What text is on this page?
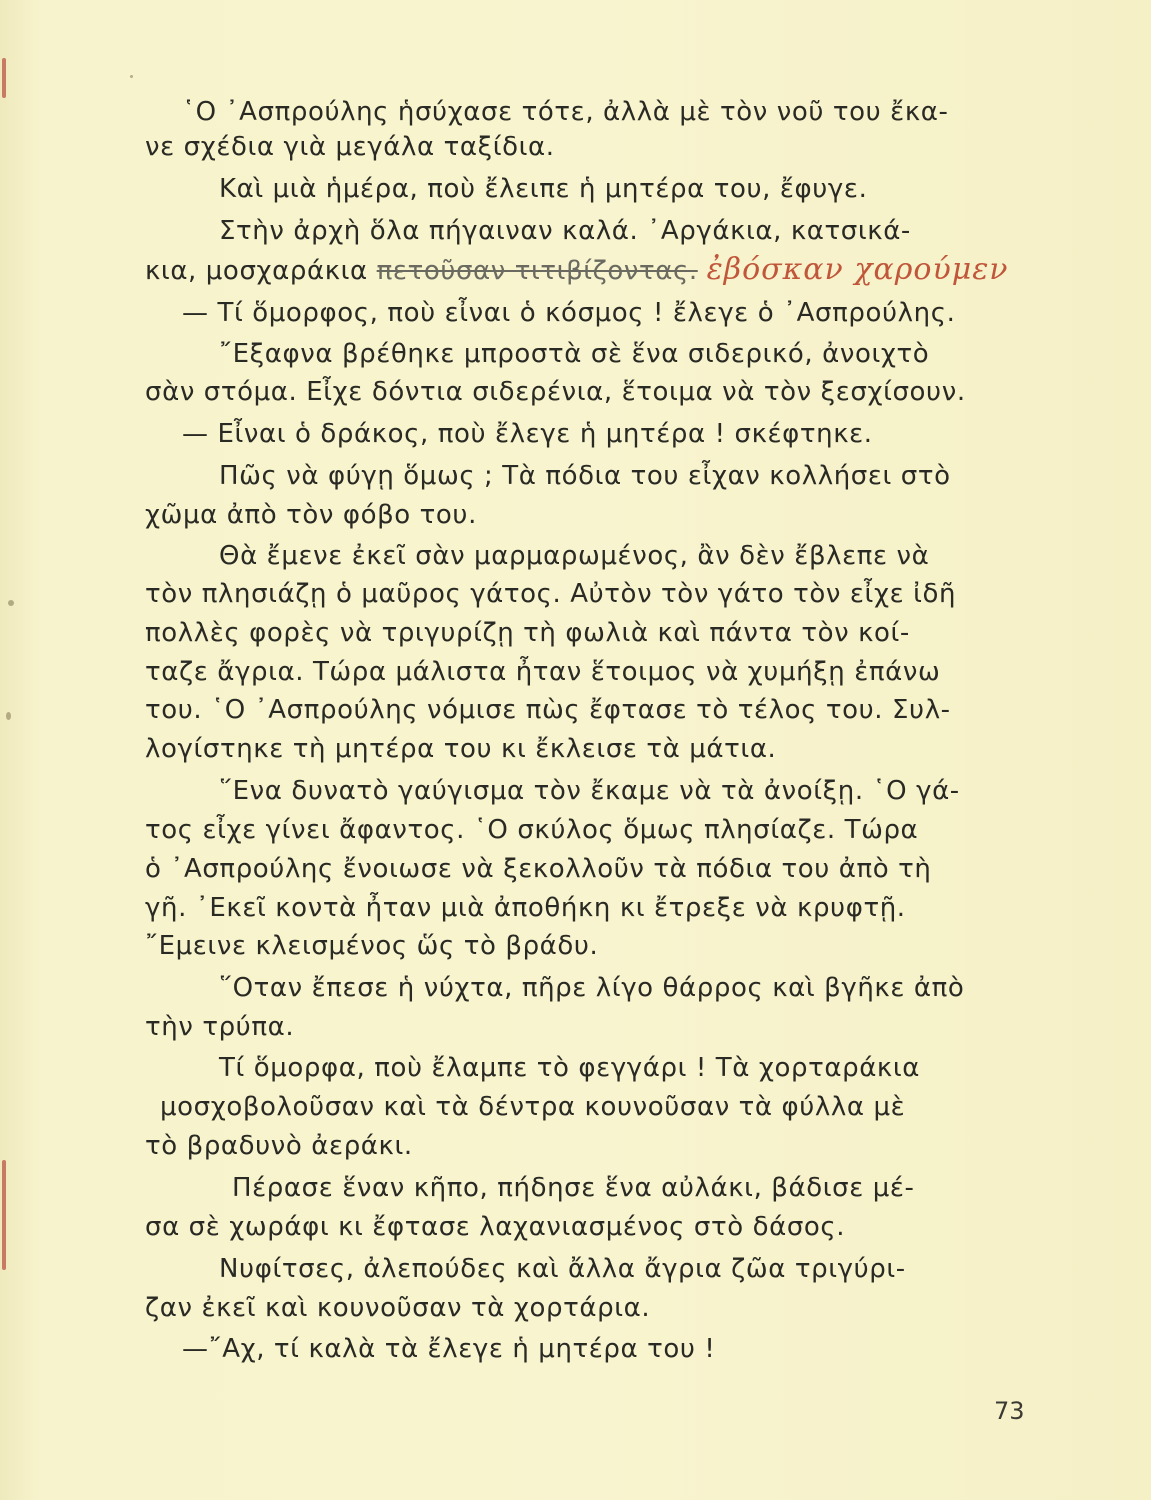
῾Ο ᾿Ασπρούλης ἡσύχασε τότε, ἀλλὰ μὲ τὸν νοῦ του ἔκα-
νε σχέδια γιὰ μεγάλα ταξίδια.
Καὶ μιὰ ἡμέρα, ποὺ ἔλειπε ἡ μητέρα του, ἔφυγε.
Στὴν ἀρχὴ ὅλα πήγαιναν καλά. ᾿Αργάκια, κατσικά-
κια, μοσχαράκια πετοῦσαν τιτιβίζοντας. ἐβόσκαν χαρούμεν
— Τί ὅμορφος, ποὺ εἶναι ὁ κόσμος ! ἔλεγε ὁ ᾿Ασπρούλης.
῎Εξαφνα βρέθηκε μπροστὰ σὲ ἕνα σιδερικό, ἀνοιχτὸ
σὰν στόμα. Εἶχε δόντια σιδερένια, ἕτοιμα νὰ τὸν ξεσχίσουν.
— Εἶναι ὁ δράκος, ποὺ ἔλεγε ἡ μητέρα ! σκέφτηκε.
Πῶς νὰ φύγῃ ὅμως ; Τὰ πόδια του εἶχαν κολλήσει στὸ
χῶμα ἀπὸ τὸν φόβο του.
Θὰ ἔμενε ἐκεῖ σὰν μαρμαρωμένος, ἂν δὲν ἔβλεπε νὰ
τὸν πλησιάζῃ ὁ μαῦρος γάτος. Αὐτὸν τὸν γάτο τὸν εἶχε ἰδῆ
πολλὲς φορὲς νὰ τριγυρίζῃ τὴ φωλιὰ καὶ πάντα τὸν κοί-
ταζε ἄγρια. Τώρα μάλιστα ἦταν ἕτοιμος νὰ χυμήξῃ ἐπάνω
του. ῾Ο ᾿Ασπρούλης νόμισε πὼς ἔφτασε τὸ τέλος του. Συλ-
λογίστηκε τὴ μητέρα του κι ἔκλεισε τὰ μάτια.
῞Ενα δυνατὸ γαύγισμα τὸν ἔκαμε νὰ τὰ ἀνοίξῃ. ῾Ο γά-
τος εἶχε γίνει ἄφαντος. ῾Ο σκύλος ὅμως πλησίαζε. Τώρα
ὁ ᾿Ασπρούλης ἔνοιωσε νὰ ξεκολλοῦν τὰ πόδια του ἀπὸ τὴ
γῆ. ᾿Εκεῖ κοντὰ ἦταν μιὰ ἀποθήκη κι ἔτρεξε νὰ κρυφτῇ.
῎Εμεινε κλεισμένος ὥς τὸ βράδυ.
῞Οταν ἔπεσε ἡ νύχτα, πῆρε λίγο θάρρος καὶ βγῆκε ἀπὸ
τὴν τρύπα.
Τί ὅμορφα, ποὺ ἔλαμπε τὸ φεγγάρι ! Τὰ χορταράκια
μοσχοβολοῦσαν καὶ τὰ δέντρα κουνοῦσαν τὰ φύλλα μὲ
τὸ βραδυνὸ ἀεράκι.
Πέρασε ἕναν κῆπο, πήδησε ἕνα αὐλάκι, βάδισε μέ-
σα σὲ χωράφι κι ἔφτασε λαχανιασμένος στὸ δάσος.
Νυφίτσες, ἀλεπούδες καὶ ἄλλα ἄγρια ζῶα τριγύρι-
ζαν ἐκεῖ καὶ κουνοῦσαν τὰ χορτάρια.
—῎Αχ, τί καλὰ τὰ ἔλεγε ἡ μητέρα του !
73
